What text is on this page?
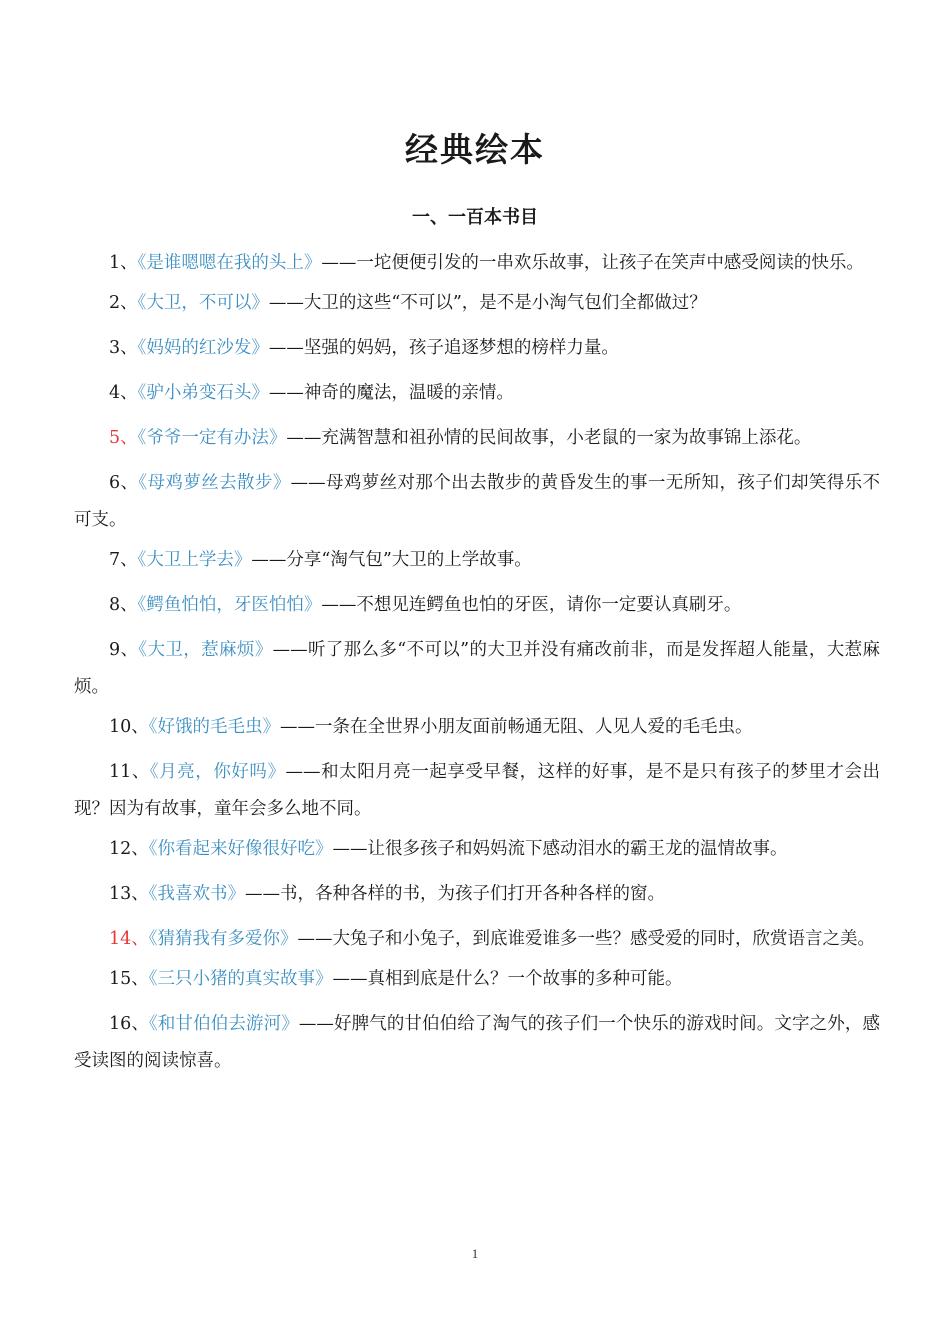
经典绘本
一、一百本书目

1、《是谁嗯嗯在我的头上》——一坨便便引发的一串欢乐故事，让孩子在笑声中感受阅读的快乐。

2、《大卫，不可以》——大卫的这些“不可以”，是不是小淘气包们全都做过？

3、《妈妈的红沙发》——坚强的妈妈，孩子追逐梦想的榜样力量。

4、《驴小弟变石头》——神奇的魔法，温暖的亲情。

5、《爷爷一定有办法》——充满智慧和祖孙情的民间故事，小老鼠的一家为故事锦上添花。

6、《母鸡萝丝去散步》——母鸡萝丝对那个出去散步的黄昏发生的事一无所知，孩子们却笑得乐不可支。

7、《大卫上学去》——分享“淘气包”大卫的上学故事。

8、《鳄鱼怕怕，牙医怕怕》——不想见连鳄鱼也怕的牙医，请你一定要认真刷牙。

9、《大卫，惹麻烦》——听了那么多“不可以”的大卫并没有痛改前非，而是发挥超人能量，大惹麻烦。

10、《好饿的毛毛虫》——一条在全世界小朋友面前畅通无阻、人见人爱的毛毛虫。

11、《月亮，你好吗》——和太阳月亮一起享受早餐，这样的好事，是不是只有孩子的梦里才会出现？因为有故事，童年会多么地不同。

12、《你看起来好像很好吃》——让很多孩子和妈妈流下感动泪水的霸王龙的温情故事。

13、《我喜欢书》——书，各种各样的书，为孩子们打开各种各样的窗。

14、《猜猜我有多爱你》——大兔子和小兔子，到底谁爱谁多一些？感受爱的同时，欣赏语言之美。

15、《三只小猪的真实故事》——真相到底是什么？一个故事的多种可能。

16、《和甘伯伯去游河》——好脾气的甘伯伯给了淘气的孩子们一个快乐的游戏时间。文字之外，感受读图的阅读惊喜。

1
